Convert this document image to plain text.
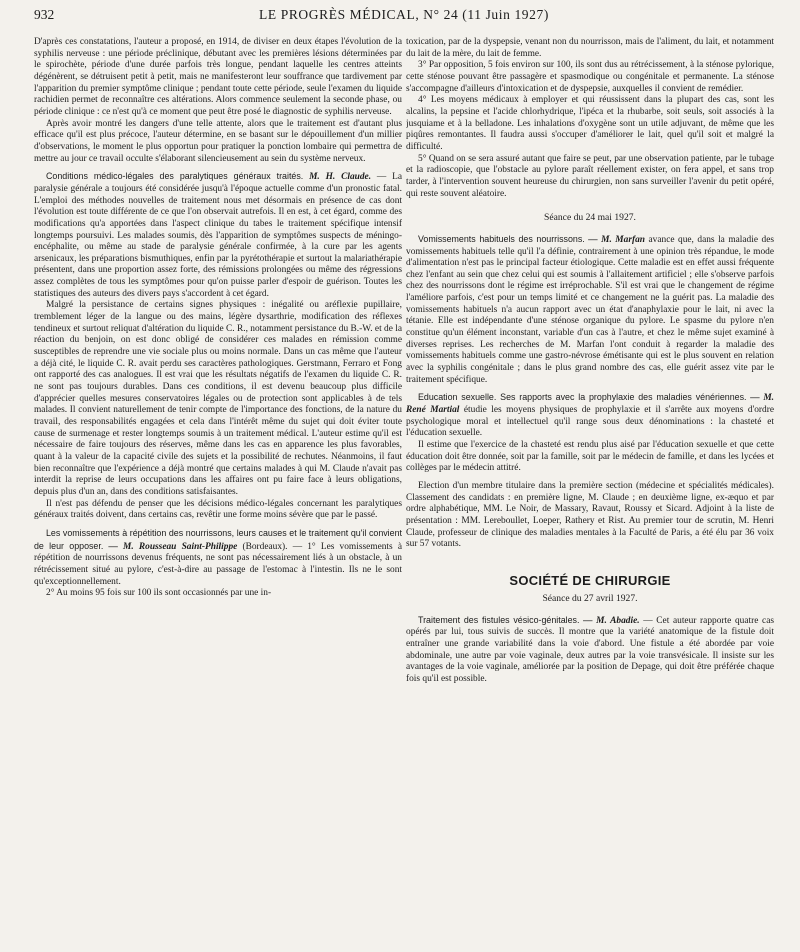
932	LE PROGRÈS MÉDICAL, N° 24 (11 Juin 1927)

D'après ces constatations, l'auteur a proposé, en 1914, de diviser en deux étapes l'évolution de la syphilis nerveuse : une période préclinique, débutant avec les premières lésions déterminées par le spirochète, période d'une durée parfois très longue, pendant laquelle les centres atteints dégénèrent, se détruisent petit à petit, mais ne manifesteront leur souffrance que tardivement par l'apparition du premier symptôme clinique ; pendant toute cette période, seule l'examen du liquide rachidien permet de reconnaître ces altérations. Alors commence seulement la seconde phase, ou période clinique : ce n'est qu'à ce moment que peut être posé le diagnostic de syphilis nerveuse.

Après avoir montré les dangers d'une telle attente, alors que le traitement est d'autant plus efficace qu'il est plus précoce, l'auteur détermine, en se basant sur le dépouillement d'un millier d'observations, le moment le plus opportun pour pratiquer la ponction lombaire qui permettra de mettre au jour ce travail occulte s'élaborant silencieusement au sein du système nerveux.

Conditions médico-légales des paralytiques généraux traités. M. H. Claude. — La paralysie générale a toujours été considérée jusqu'à l'époque actuelle comme d'un pronostic fatal. L'emploi des méthodes nouvelles de traitement nous met désormais en présence de cas dont l'évolution est toute différente de ce que l'on observait autrefois. Il en est, à cet égard, comme des modifications qu'a apportées dans l'aspect clinique du tabes le traitement spécifique intensif longtemps poursuivi. Les malades soumis, dès l'apparition de symptômes suspects de méningo-encéphalite, ou même au stade de paralysie générale confirmée, à la cure par les agents arsenicaux, les préparations bismuthiques, enfin par la pyrétothérapie et surtout la malariathérapie présentent, dans une proportion assez forte, des rémissions prolongées ou même des régressions assez complètes de tous les symptômes pour qu'on puisse parler d'espoir de guérison. Toutes les statistiques des auteurs des divers pays s'accordent à cet égard.

Malgré la persistance de certains signes physiques : inégalité ou aréflexie pupillaire, tremblement léger de la langue ou des mains, légère dysarthrie, modification des réflexes tendineux et surtout reliquat d'altération du liquide C. R., notamment persistance du B.-W. et de la réaction du benjoin, on est donc obligé de considérer ces malades en rémission comme susceptibles de reprendre une vie sociale plus ou moins normale. Dans un cas même que l'auteur a déjà cité, le liquide C. R. avait perdu ses caractères pathologiques. Gerstmann, Ferraro et Fong ont rapporté des cas analogues. Il est vrai que les résultats négatifs de l'examen du liquide C. R. ne sont pas toujours durables. Dans ces conditions, il est devenu beaucoup plus difficile d'apprécier quelles mesures conservatoires légales ou de protection sont applicables à de tels malades. Il convient naturellement de tenir compte de l'importance des fonctions, de la nature du travail, des responsabilités engagées et cela dans l'intérêt même du sujet qui doit éviter toute cause de surmenage et rester longtemps soumis à un traitement médical. L'auteur estime qu'il est nécessaire de faire toujours des réserves, même dans les cas en apparence les plus favorables, quant à la valeur de la capacité civile des sujets et la possibilité de rechutes. Néanmoins, il faut bien reconnaître que l'expérience a déjà montré que certains malades à qui M. Claude n'avait pas interdit la reprise de leurs occupations dans les affaires ont pu faire face à leurs obligations, depuis plus d'un an, dans des conditions satisfaisantes.

Il n'est pas défendu de penser que les décisions médico-légales concernant les paralytiques généraux traités doivent, dans certains cas, revêtir une forme moins sévère que par le passé.

Les vomissements à répétition des nourrissons, leurs causes et le traitement qu'il convient de leur opposer. — M. Rousseau Saint-Philippe (Bordeaux). — 1° Les vomissements à répétition de nourrissons devenus fréquents, ne sont pas nécessairement liés à un obstacle, à un rétrécissement situé au pylore, c'est-à-dire au passage de l'estomac à l'intestin. Ils ne le sont qu'exceptionnellement.

2° Au moins 95 fois sur 100 ils sont occasionnés par une in-

toxication, par de la dyspepsie, venant non du nourrisson, mais de l'aliment, du lait, et notamment du lait de la mère, du lait de femme.

3° Par opposition, 5 fois environ sur 100, ils sont dus au rétrécissement, à la sténose pylorique, cette sténose pouvant être passagère et spasmodique ou congénitale et permanente. La sténose s'accompagne d'ailleurs d'intoxication et de dyspepsie, auxquelles il convient de remédier.

4° Les moyens médicaux à employer et qui réussissent dans la plupart des cas, sont les alcalins, la pepsine et l'acide chlorhydrique, l'ipéca et la rhubarbe, soit seuls, soit associés à la jusquiame et à la belladone. Les inhalations d'oxygène sont un utile adjuvant, de même que les piqûres remontantes. Il faudra aussi s'occuper d'améliorer le lait, quel qu'il soit et malgré la difficulté.

5° Quand on se sera assuré autant que faire se peut, par une observation patiente, par le tubage et la radioscopie, que l'obstacle au pylore paraît réellement exister, on fera appel, et sans trop tarder, à l'intervention souvent heureuse du chirurgien, non sans surveiller l'avenir du petit opéré, qui reste souvent aléatoire.

Séance du 24 mai 1927.

Vomissements habituels des nourrissons. — M. Marfan avance que, dans la maladie des vomissements habituels telle qu'il l'a définie, contrairement à une opinion très répandue, le mode d'alimentation n'est pas le principal facteur étiologique. Cette maladie est en effet aussi fréquente chez l'enfant au sein que chez celui qui est soumis à l'allaitement artificiel ; elle s'observe parfois chez des nourrissons dont le régime est irréprochable. S'il est vrai que le changement de régime l'améliore parfois, c'est pour un temps limité et ce changement ne la guérit pas. La maladie des vomissements habituels n'a aucun rapport avec un état d'anaphylaxie pour le lait, ni avec la tétanie. Elle est indépendante d'une sténose organique du pylore. Le spasme du pylore n'en constitue qu'un élément inconstant, variable d'un cas à l'autre, et chez le même sujet examiné à diverses reprises. Les recherches de M. Marfan l'ont conduit à regarder la maladie des vomissements habituels comme une gastro-névrose émétisante qui est le plus souvent en relation avec la syphilis congénitale ; dans le plus grand nombre des cas, elle guérit assez vite par le traitement spécifique.

Education sexuelle. Ses rapports avec la prophylaxie des maladies vénériennes. — M. René Martial étudie les moyens physiques de prophylaxie et il s'arrête aux moyens d'ordre psychologique moral et intellectuel qu'il range sous deux dénominations : la chasteté et l'éducation sexuelle.

Il estime que l'exercice de la chasteté est rendu plus aisé par l'éducation sexuelle et que cette éducation doit être donnée, soit par la famille, soit par le médecin de famille, et dans les lycées et collèges par le médecin attitré.

Election d'un membre titulaire dans la première section (médecine et spécialités médicales). Classement des candidats : en première ligne, M. Claude ; en deuxième ligne, ex-æquo et par ordre alphabétique, MM. Le Noir, de Massary, Ravaut, Roussy et Sicard. Adjoint à la liste de présentation : MM. Lereboullet, Loeper, Rathery et Rist. Au premier tour de scrutin, M. Henri Claude, professeur de clinique des maladies mentales à la Faculté de Paris, a été élu par 36 voix sur 57 votants.

SOCIÉTÉ DE CHIRURGIE
Séance du 27 avril 1927.

Traitement des fistules vésico-génitales. — M. Abadie. — Cet auteur rapporte quatre cas opérés par lui, tous suivis de succès. Il montre que la variété anatomique de la fistule doit entraîner une grande variabilité dans la voie d'abord. Une fistule a été abordée par voie abdominale, une autre par voie vaginale, deux autres par la voie transvésicale. Il insiste sur les avantages de la voie vaginale, améliorée par la position de Depage, qui doit être préférée chaque fois qu'il est possible.
